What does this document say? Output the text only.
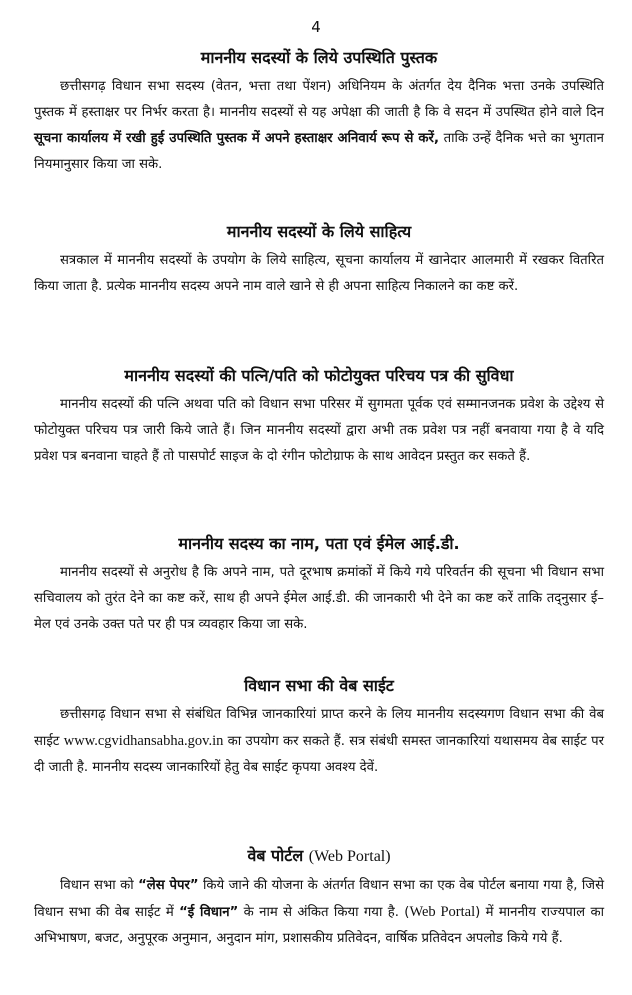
4
माननीय सदस्यों के लिये उपस्थिति पुस्तक

छत्तीसगढ़ विधान सभा सदस्य (वेतन, भत्ता तथा पेंशन) अधिनियम के अंतर्गत देय दैनिक भत्ता उनके उपस्थिति पुस्तक में हस्ताक्षर पर निर्भर करता है। माननीय सदस्यों से यह अपेक्षा की जाती है कि वे सदन में उपस्थित होने वाले दिन सूचना कार्यालय में रखी हुई उपस्थिति पुस्तक में अपने हस्ताक्षर अनिवार्य रूप से करें, ताकि उन्हें दैनिक भत्ते का भुगतान नियमानुसार किया जा सके.

माननीय सदस्यों के लिये साहित्य

सत्रकाल में माननीय सदस्यों के उपयोग के लिये साहित्य, सूचना कार्यालय में खानेदार आलमारी में रखकर वितरित किया जाता है. प्रत्येक माननीय सदस्य अपने नाम वाले खाने से ही अपना साहित्य निकालने का कष्ट करें.

माननीय सदस्यों की पत्नि/पति को फोटोयुक्त परिचय पत्र की सुविधा

माननीय सदस्यों की पत्नि अथवा पति को विधान सभा परिसर में सुगमता पूर्वक एवं सम्मानजनक प्रवेश के उद्देश्य से फोटोयुक्त परिचय पत्र जारी किये जाते हैं। जिन माननीय सदस्यों द्वारा अभी तक प्रवेश पत्र नहीं बनवाया गया है वे यदि प्रवेश पत्र बनवाना चाहते हैं तो पासपोर्ट साइज के दो रंगीन फोटोग्राफ के साथ आवेदन प्रस्तुत कर सकते हैं.

माननीय सदस्य का नाम, पता एवं ईमेल आई.डी.

माननीय सदस्यों से अनुरोध है कि अपने नाम, पते दूरभाष क्रमांकों में किये गये परिवर्तन की सूचना भी विधान सभा सचिवालय को तुरंत देने का कष्ट करें, साथ ही अपने ईमेल आई.डी. की जानकारी भी देने का कष्ट करें ताकि तद्नुसार ई–मेल एवं उनके उक्त पते पर ही पत्र व्यवहार किया जा सके.

विधान सभा की वेब साईट

छत्तीसगढ़ विधान सभा से संबंधित विभिन्न जानकारियां प्राप्त करने के लिय माननीय सदस्यगण विधान सभा की वेब साईट www.cgvidhansabha.gov.in का उपयोग कर सकते हैं. सत्र संबंधी समस्त जानकारियां यथासमय वेब साईट पर दी जाती है. माननीय सदस्य जानकारियों हेतु वेब साईट कृपया अवश्य देवें.

वेब पोर्टल (Web Portal)

विधान सभा को “लेस पेपर” किये जाने की योजना के अंतर्गत विधान सभा का एक वेब पोर्टल बनाया गया है, जिसे विधान सभा की वेब साईट में “ई विधान” के नाम से अंकित किया गया है. (Web Portal) में माननीय राज्यपाल का अभिभाषण, बजट, अनुपूरक अनुमान, अनुदान मांग, प्रशासकीय प्रतिवेदन, वार्षिक प्रतिवेदन अपलोड किये गये हैं.
